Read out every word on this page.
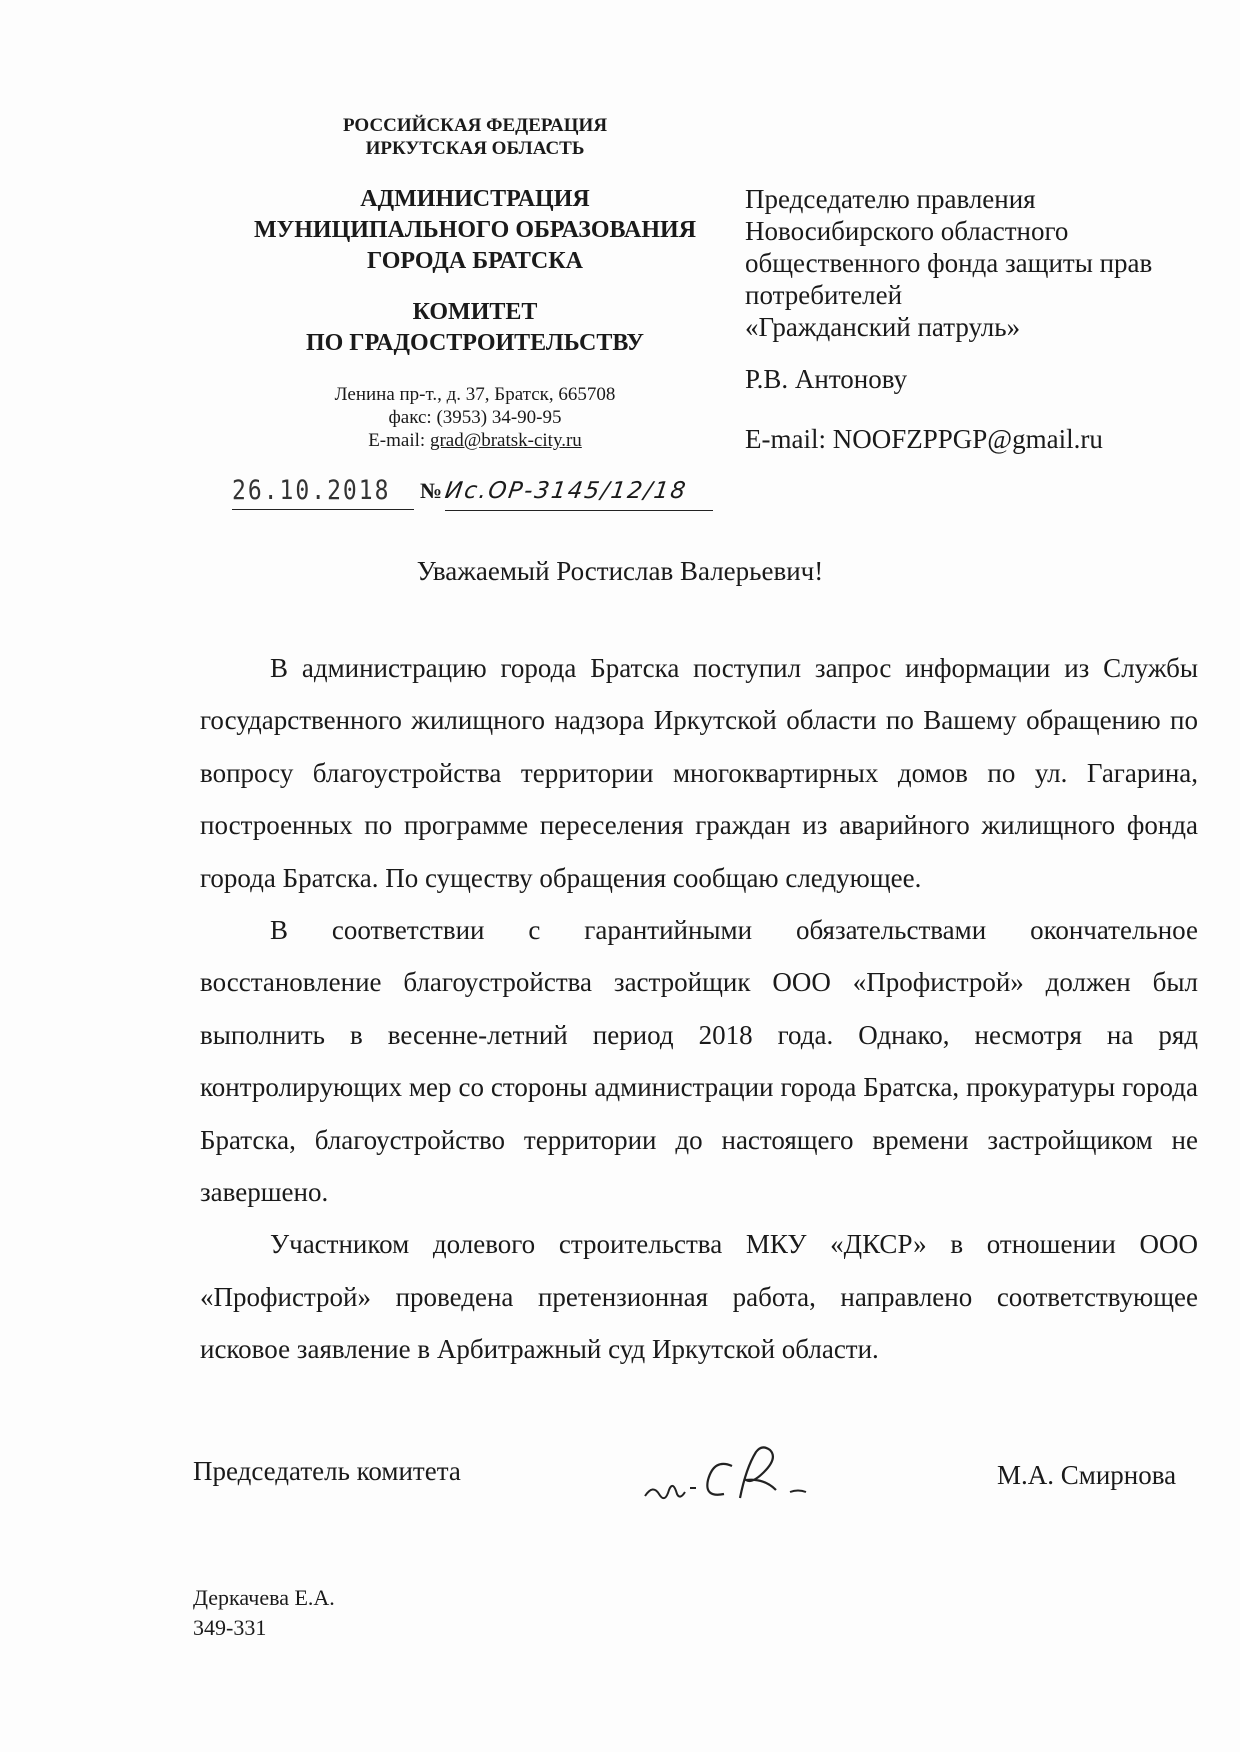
РОССИЙСКАЯ ФЕДЕРАЦИЯ
ИРКУТСКАЯ ОБЛАСТЬ
АДМИНИСТРАЦИЯ
МУНИЦИПАЛЬНОГО ОБРАЗОВАНИЯ
ГОРОДА БРАТСКА
КОМИТЕТ
ПО ГРАДОСТРОИТЕЛЬСТВУ
Ленина пр-т., д. 37, Братск, 665708
факс: (3953) 34-90-95
E-mail: grad@bratsk-city.ru
26.10.2018	№ Ис.ОР-3145/12/18
Председателю правления
Новосибирского областного
общественного фонда защиты прав
потребителей
«Гражданский патруль»
Р.В. Антонову
E-mail: NOOFZPPGP@gmail.ru
Уважаемый Ростислав Валерьевич!

В администрацию города Братска поступил запрос информации из Службы государственного жилищного надзора Иркутской области по Вашему обращению по вопросу благоустройства территории многоквартирных домов по ул. Гагарина, построенных по программе переселения граждан из аварийного жилищного фонда города Братска. По существу обращения сообщаю следующее.

В соответствии с гарантийными обязательствами окончательное восстановление благоустройства застройщик ООО «Профистрой» должен был выполнить в весенне-летний период 2018 года. Однако, несмотря на ряд контролирующих мер со стороны администрации города Братска, прокуратуры города Братска, благоустройство территории до настоящего времени застройщиком не завершено.

Участником долевого строительства МКУ «ДКСР» в отношении ООО «Профистрой» проведена претензионная работа, направлено соответствующее исковое заявление в Арбитражный суд Иркутской области.

Председатель комитета	М.А. Смирнова
Деркачева Е.А.
349-331
